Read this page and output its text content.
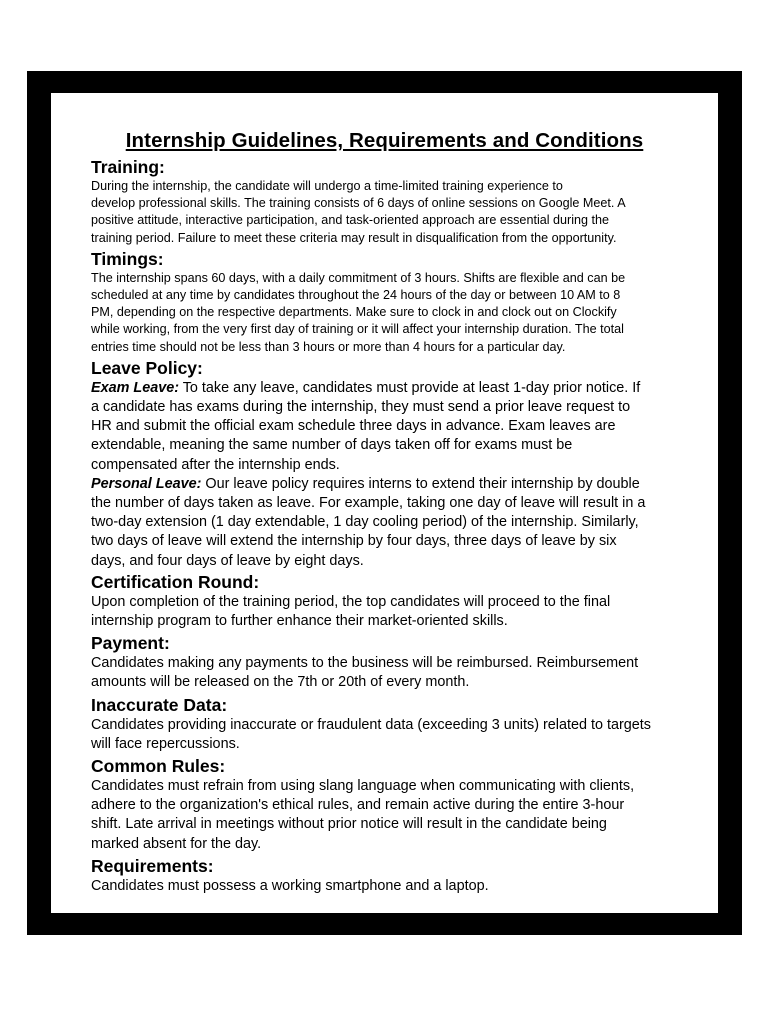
Internship Guidelines, Requirements and Conditions
Training:
During the internship, the candidate will undergo a time-limited training experience to
develop professional skills. The training consists of 6 days of online sessions on Google Meet. A
positive attitude, interactive participation, and task-oriented approach are essential during the
training period. Failure to meet these criteria may result in disqualification from the opportunity.
Timings:
The internship spans 60 days, with a daily commitment of 3 hours. Shifts are flexible and can be
scheduled at any time by candidates throughout the 24 hours of the day or between 10 AM to 8
PM, depending on the respective departments. Make sure to clock in and clock out on Clockify
while working, from the very first day of training or it will affect your internship duration. The total
entries time should not be less than 3 hours or more than 4 hours for a particular day.
Leave Policy:
Exam Leave: To take any leave, candidates must provide at least 1-day prior notice. If
a candidate has exams during the internship, they must send a prior leave request to
HR and submit the official exam schedule three days in advance. Exam leaves are
extendable, meaning the same number of days taken off for exams must be
compensated after the internship ends.
Personal Leave: Our leave policy requires interns to extend their internship by double
the number of days taken as leave. For example, taking one day of leave will result in a
two-day extension (1 day extendable, 1 day cooling period) of the internship. Similarly,
two days of leave will extend the internship by four days, three days of leave by six
days, and four days of leave by eight days.
Certification Round:
Upon completion of the training period, the top candidates will proceed to the final
internship program to further enhance their market-oriented skills.
Payment:
Candidates making any payments to the business will be reimbursed. Reimbursement
amounts will be released on the 7th or 20th of every month.
Inaccurate Data:
Candidates providing inaccurate or fraudulent data (exceeding 3 units) related to targets
will face repercussions.
Common Rules:
Candidates must refrain from using slang language when communicating with clients,
adhere to the organization's ethical rules, and remain active during the entire 3-hour
shift. Late arrival in meetings without prior notice will result in the candidate being
marked absent for the day.
Requirements:
Candidates must possess a working smartphone and a laptop.
